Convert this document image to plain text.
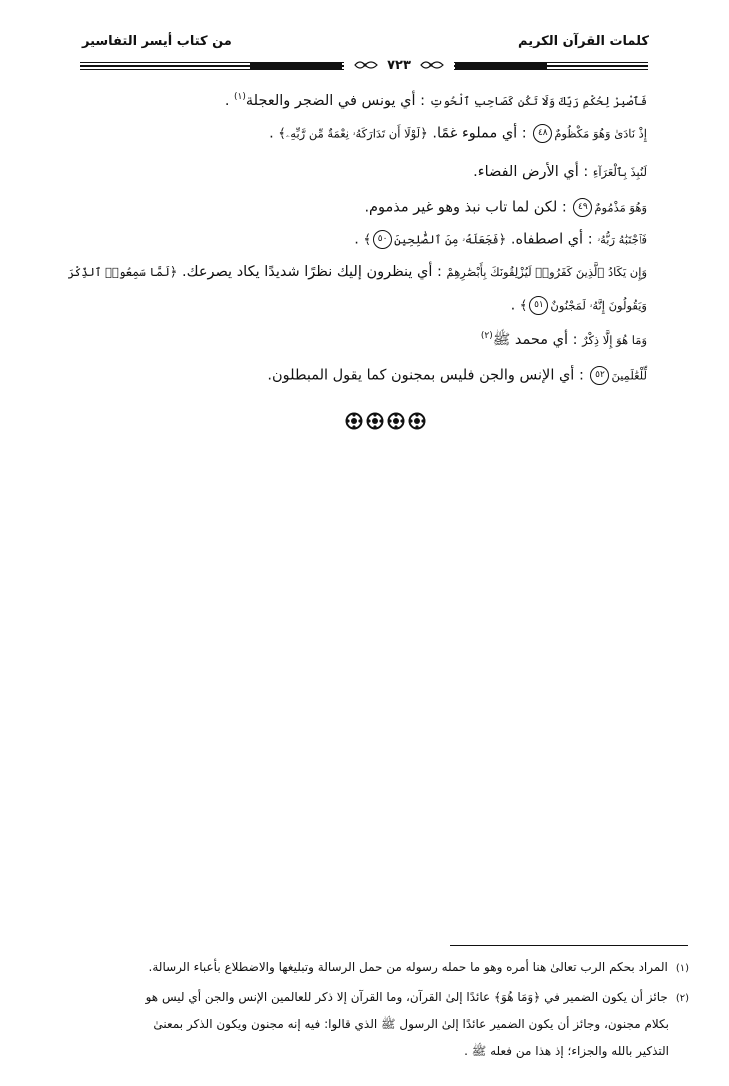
كلمات القرآن الكريم
من كتاب أيسر التفاسير
٧٢٣
فَٱصْبِرْ لِحُكْمِ رَبِّكَ وَلَا تَكُن كَصَاحِبِ ٱلْحُوتِ : أي يونس في الضجر والعجلة$^{(١)}$ .
إِذْ نَادَىٰ وَهُوَ مَكْظُومٌ٤٨ : أي مملوء غمًا. ﴿لَوْلَا أَن تَدَارَكَهُۥ نِعْمَةٌ مِّن رَّبِّهِۦ﴾ .
لَنُبِذَ بِٱلْعَرَآءِ : أي الأرض الفضاء.
وَهُوَ مَذْمُومٌ٤٩ : لكن لما تاب نبذ وهو غير مذموم.
فَٱجْتَبَٰهُ رَبُّهُۥ : أي اصطفاه. ﴿فَجَعَلَهُۥ مِنَ ٱلصَّٰلِحِينَ٥٠﴾ .
وَإِن يَكَادُ ٱلَّذِينَ كَفَرُوا۟ لَيُزْلِقُونَكَ بِأَبْصَٰرِهِمْ : أي ينظرون إليك نظرًا شديدًا يكاد يصرعك. ﴿لَمَّا سَمِعُوا۟ ٱلذِّكْرَ
وَيَقُولُونَ إِنَّهُۥ لَمَجْنُونٌ٥١﴾ .
وَمَا هُوَ إِلَّا ذِكْرٌ : أي محمد ﷺ$^{(٢)}$
لِّلْعَٰلَمِينَ٥٢ : أي الإنس والجن فليس بمجنون كما يقول المبطلون.
(١)المراد بحكم الرب تعالىٰ هنا أمره وهو ما حمله رسوله من حمل الرسالة وتبليغها والاضطلاع بأعباء الرسالة.
(٢)جائز أن يكون الضمير في ﴿وَمَا هُوَ﴾ عائدًا إلىٰ القرآن، وما القرآن إلا ذكر للعالمين الإنس والجن أي ليس هو
بكلام مجنون، وجائز أن يكون الضمير عائدًا إلىٰ الرسول ﷺ الذي قالوا: فيه إنه مجنون ويكون الذكر بمعنىٰ
التذكير بالله والجزاء؛ إذ هذا من فعله ﷺ .
